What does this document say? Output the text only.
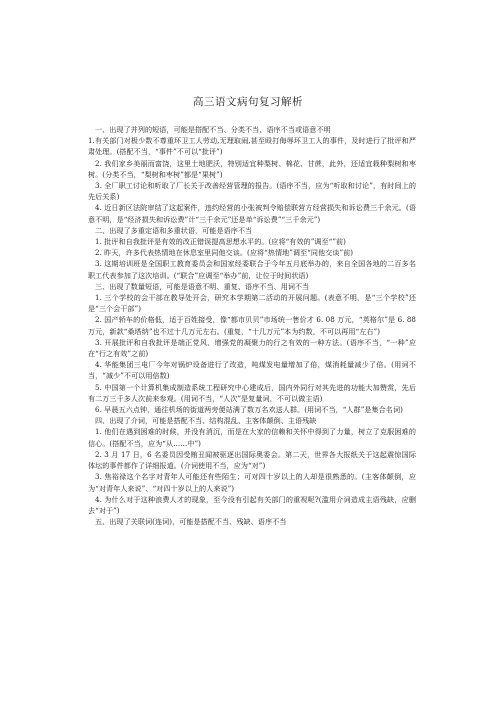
高三语文病句复习解析

一、出现了并列的短语，可能是搭配不当、分类不当、语序不当或语意不明

1.有关部门对极少数不尊重环卫工人劳动,无理取闹,甚至殴打侮辱环卫工人的事件，及时进行了批评和严肃处理。(搭配不当，“事件”不可以“批评”)

2. 我们家乡美丽而富饶，这里土地肥沃，特别适宜种梨树、棉花、甘蔗，此外，还适宜栽种梨树和枣树。(分类不当，“梨树和枣树”都是“果树”)

3. 全厂职工讨论和听取了厂长关于改善经营管理的报告。(语序不当，应为“听取和讨论”，有时间上的先后关系)

4. 近日新区法院审结了这起案件，违约经营的小张被判令赔偿联营方经营损失和诉讼费三千余元。(语意不明，是“经济损失和诉讼费”计“三千余元”还是单“诉讼费”“三千余元”)

二、出现了多重定语和多重状语，可能是语序不当

1. 批评和自我批评是有效的改正错误提高思想水平的。(应将“有效的”调至“”前)

2. 昨天，许多代表热情地在休息室里同他交谈。(应将“热情地”调至“同他交谈”前)

3. 这期培训班是全国职工教育委员会和国家经委联合于今年五月底举办的，来自全国各地的二百多名职工代表参加了这次培训。(“联合”应调至“举办”前，让位于时间状语)

三、出现了数量短语，可能是语意不明、重复、语序不当、用词不当

1. 三个学校的会干部在教导处开会，研究本学期第二活动的开展问题。(表意不明，是“三个学校”还是“三个会干部”)

2. 国产轿车的价格低，适于百姓接受，像“都市贝贝”市场统一售价才 6. 08 万元，“英格尔”是 6. 88 万元，新款“桑塔纳”也不过十几万元左右。(重复，“十几万元”本为约数，不可以再用“左右”)

3. 开展批评和自我批评是端正党风、增强党的凝聚力的行之有效的一种方法。(语序不当，“一种”应在“行之有效”之前)

4. 华能集团三电厂今年对锅炉设备进行了改造，吨煤发电量增加了倍，煤消耗量减少了倍。(用词不当，“减少”不可以用倍数)

5. 中国第一个计算机集成制造系统工程研究中心建成后，国内外同行对其先进的功能大加赞赏，先后有二万三千多人次前来参观。(用词不当，“人次”是复量词，不可以做主语)

6. 早晨五六点钟，通往机场的街道两旁便站满了数万名欢送人群。(用词不当，“人群”是集合名词)

四、出现了介词，可能是搭配不当、结构混乱、主客体颠倒、主语残缺

1. 他们在遇到困难的时候，并没有消沉，而是在大家的信赖和关怀中得到了力量，树立了克服困难的信心。(搭配不当，应为“从……中”)

2. 3 月 17 日，6 名委员因受贿丑闻被驱逐出国际奥委会。第二天，世界各大报纸关于这起震惊国际体坛的事件都作了详细报道。(介词使用不当，应为“对”)

3. 焦裕禄这个名字对青年人可能还有些陌生；可对四十岁以上的人却是很熟悉的。(主客体颠倒，应为“对青年人来说”、“对四十岁以上的人来说”)

4. 为什么对于这种浪费人才的现象，至今没有引起有关部门的重视呢?(滥用介词造成主语残缺，应删去“对于”)

五、出现了关联词(连词)，可能是搭配不当、残缺、语序不当
